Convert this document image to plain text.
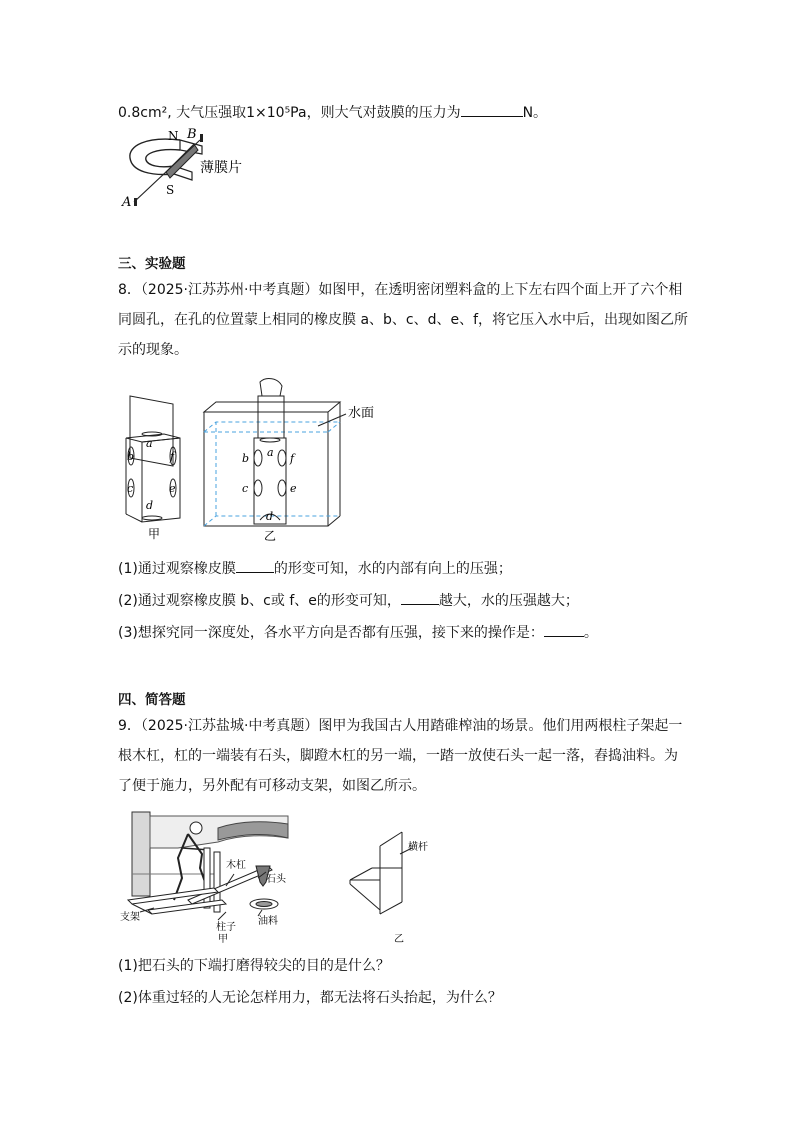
0.8cm², 大气压强取1×10⁵Pa，则大气对鼓膜的压力为	N。
N B
S
A
薄膜片
三、实验题
8．（2025·江苏苏州·中考真题）如图甲，在透明密闭塑料盒的上下左右四个面上开了六个相
同圆孔，在孔的位置蒙上相同的橡皮膜 a、b、c、d、e、f，将它压入水中后，出现如图乙所
示的现象。
a
b
c
d
e
f
甲
a
b
c
d
e
f
水面
乙
(1)通过观察橡皮膜	的形变可知，水的内部有向上的压强；
(2)通过观察橡皮膜 b、c或 f、e的形变可知，	越大，水的压强越大；
(3)想探究同一深度处，各水平方向是否都有压强，接下来的操作是：	。
四、简答题
9．（2025·江苏盐城·中考真题）图甲为我国古人用踏碓榨油的场景。他们用两根柱子架起一
根木杠，杠的一端装有石头，脚蹬木杠的另一端，一踏一放使石头一起一落，舂捣油料。为
了便于施力，另外配有可移动支架，如图乙所示。
木杠
石头
支架	油料
柱子
甲
横杆
乙
(1)把石头的下端打磨得较尖的目的是什么？
(2)体重过轻的人无论怎样用力，都无法将石头抬起，为什么？
